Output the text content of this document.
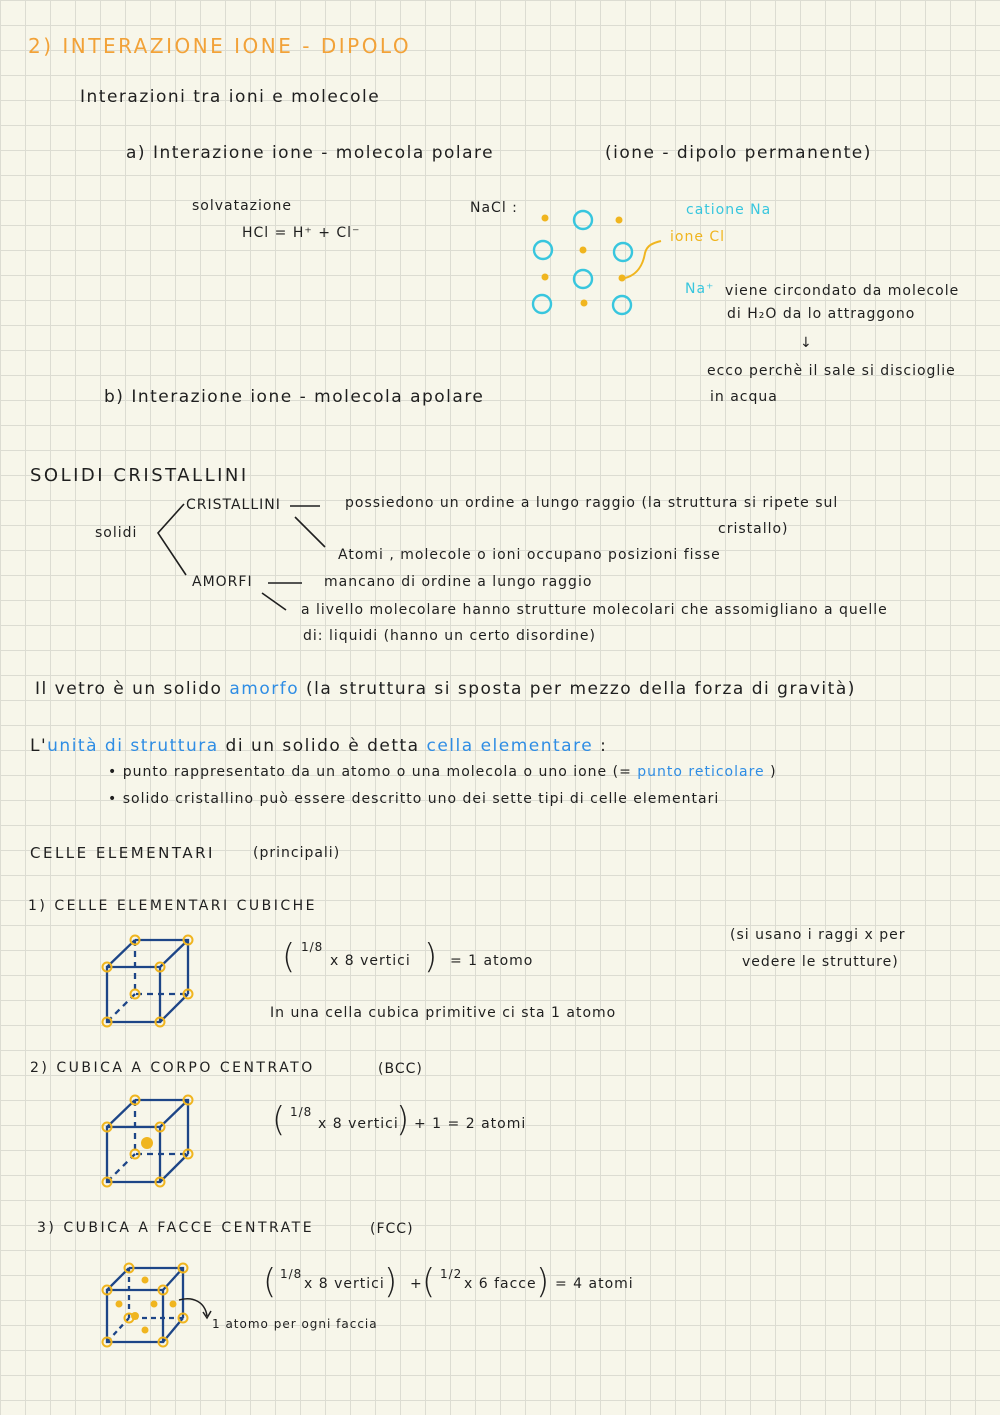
2) INTERAZIONE IONE - DIPOLO
Interazioni tra ioni e molecole
a) Interazione ione - molecola polare	(ione - dipolo permanente)
solvatazione
HCl = H⁺ + Cl⁻
NaCl :	catione Na
ione Cl
Na⁺ viene circondato da molecole
di H₂O da lo attraggono
↓
ecco perchè il sale si discioglie
in acqua
b) Interazione ione - molecola apolare
SOLIDI CRISTALLINI
solidi
CRISTALLINI	possiedono un ordine a lungo raggio (la struttura si ripete sul
cristallo)
Atomi , molecole o ioni occupano posizioni fisse
AMORFI	mancano di ordine a lungo raggio
a livello molecolare hanno strutture molecolari che assomigliano a quelle
di: liquidi (hanno un certo disordine)
Il vetro è un solido amorfo (la struttura si sposta per mezzo della forza di gravità)
L'unità di struttura di un solido è detta cella elementare :
• punto rappresentato da un atomo o una molecola o uno ione (= punto reticolare )
• solido cristallino può essere descritto uno dei sette tipi di celle elementari
CELLE ELEMENTARI	(principali)
1) CELLE ELEMENTARI CUBICHE
( 1/8
x 8 vertici ) = 1 atomo
In una cella cubica primitive ci sta 1 atomo
(si usano i raggi x per
vedere le strutture)
2) CUBICA A CORPO CENTRATO	(BCC)
( 1/8
x 8 vertici
) + 1 = 2 atomi
3) CUBICA A FACCE CENTRATE	(FCC)
( 1/8
x 8 vertici ) + ( 1/2
x 6 facce ) = 4 atomi
1 atomo per ogni faccia
